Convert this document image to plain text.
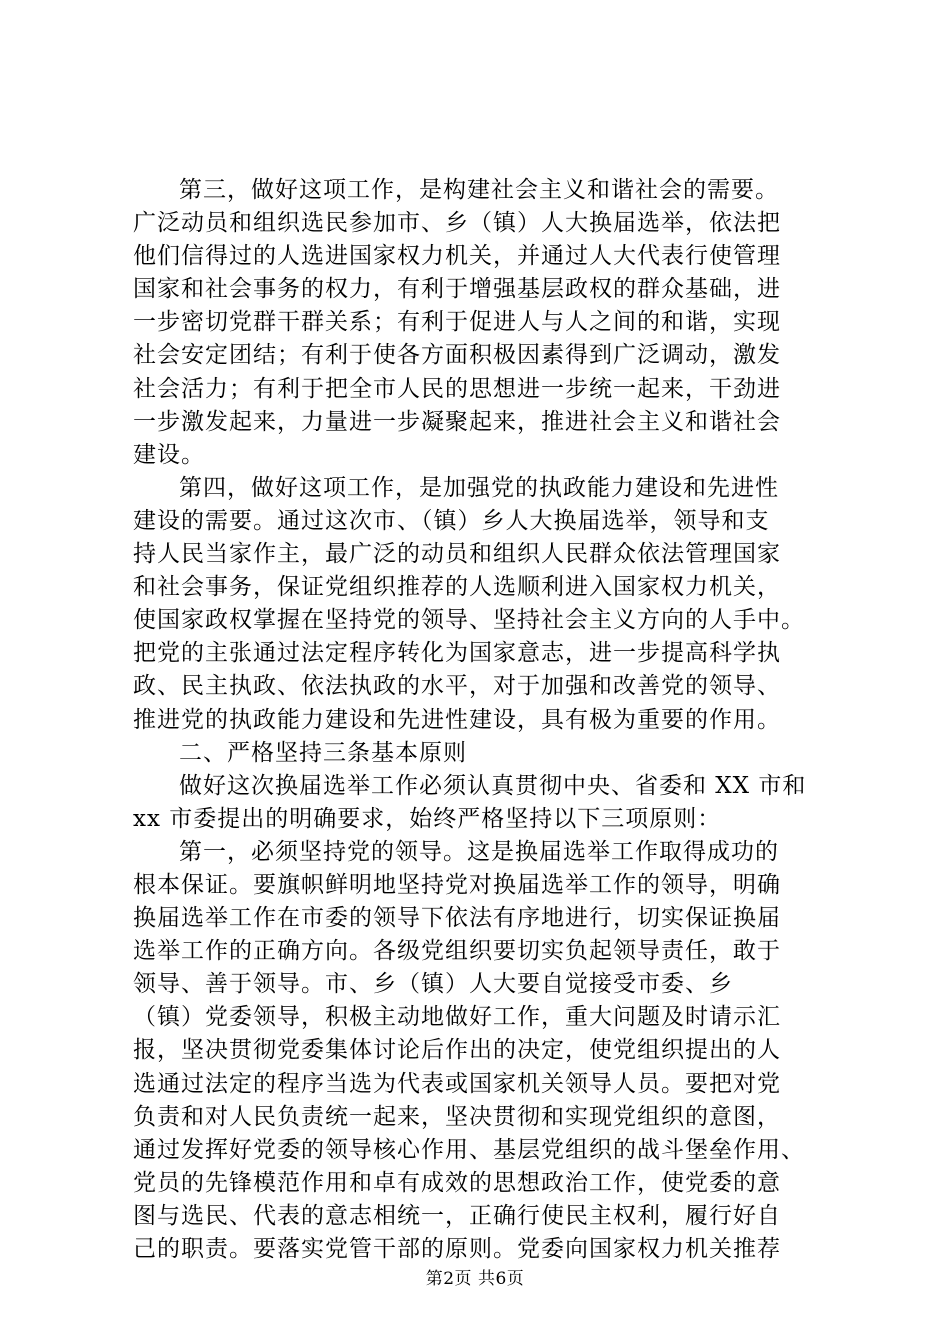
第三，做好这项工作，是构建社会主义和谐社会的需要。
广泛动员和组织选民参加市、乡（镇）人大换届选举，依法把
他们信得过的人选进国家权力机关，并通过人大代表行使管理
国家和社会事务的权力，有利于增强基层政权的群众基础，进
一步密切党群干群关系；有利于促进人与人之间的和谐，实现
社会安定团结；有利于使各方面积极因素得到广泛调动，激发
社会活力；有利于把全市人民的思想进一步统一起来，干劲进
一步激发起来，力量进一步凝聚起来，推进社会主义和谐社会
建设。
第四，做好这项工作，是加强党的执政能力建设和先进性
建设的需要。通过这次市、（镇）乡人大换届选举，领导和支
持人民当家作主，最广泛的动员和组织人民群众依法管理国家
和社会事务，保证党组织推荐的人选顺利进入国家权力机关，
使国家政权掌握在坚持党的领导、坚持社会主义方向的人手中。
把党的主张通过法定程序转化为国家意志，进一步提高科学执
政、民主执政、依法执政的水平，对于加强和改善党的领导、
推进党的执政能力建设和先进性建设，具有极为重要的作用。
二、严格坚持三条基本原则
做好这次换届选举工作必须认真贯彻中央、省委和 XX 市和
xx 市委提出的明确要求，始终严格坚持以下三项原则：
第一，必须坚持党的领导。这是换届选举工作取得成功的
根本保证。要旗帜鲜明地坚持党对换届选举工作的领导，明确
换届选举工作在市委的领导下依法有序地进行，切实保证换届
选举工作的正确方向。各级党组织要切实负起领导责任，敢于
领导、善于领导。市、乡（镇）人大要自觉接受市委、乡
（镇）党委领导，积极主动地做好工作，重大问题及时请示汇
报，坚决贯彻党委集体讨论后作出的决定，使党组织提出的人
选通过法定的程序当选为代表或国家机关领导人员。要把对党
负责和对人民负责统一起来，坚决贯彻和实现党组织的意图，
通过发挥好党委的领导核心作用、基层党组织的战斗堡垒作用、
党员的先锋模范作用和卓有成效的思想政治工作，使党委的意
图与选民、代表的意志相统一，正确行使民主权利，履行好自
己的职责。要落实党管干部的原则。党委向国家权力机关推荐
第2页 共6页
